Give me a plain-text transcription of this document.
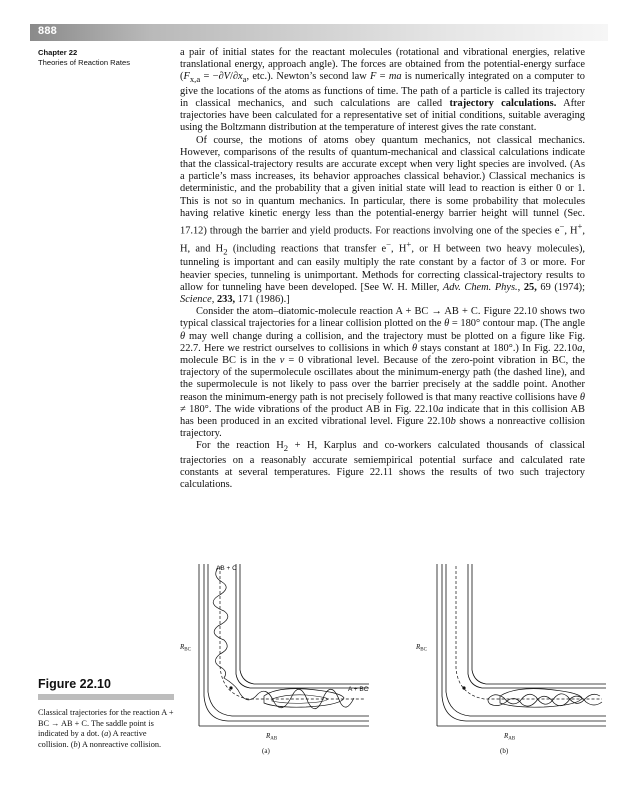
888
Chapter 22
Theories of Reaction Rates

a pair of initial states for the reactant molecules (rotational and vibrational energies, relative translational energy, approach angle). The forces are obtained from the potential-energy surface ($F_{x,a} = -\partial V/\partial x_a$, etc.). Newton’s second law F = ma is numerically integrated on a computer to give the locations of the atoms as functions of time. The path of a particle is called its trajectory in classical mechanics, and such calculations are called trajectory calculations. After trajectories have been calculated for a representative set of initial conditions, suitable averaging using the Boltzmann distribution at the temperature of interest gives the rate constant.

Of course, the motions of atoms obey quantum mechanics, not classical mechanics. However, comparisons of the results of quantum-mechanical and classical calculations indicate that the classical-trajectory results are accurate except when very light species are involved. (As a particle’s mass increases, its behavior approaches classical behavior.) Classical mechanics is deterministic, and the probability that a given initial state will lead to reaction is either 0 or 1. This is not so in quantum mechanics. In particular, there is some probability that molecules having relative kinetic energy less than the potential-energy barrier height will tunnel (Sec. 17.12) through the barrier and yield products. For reactions involving one of the species e−, H+, H, and $H_2$ (including reactions that transfer e−, H+, or H between two heavy molecules), tunneling is important and can easily multiply the rate constant by a factor of 3 or more. For heavier species, tunneling is unimportant. Methods for correcting classical-trajectory results to allow for tunneling have been developed. [See W. H. Miller, Adv. Chem. Phys., 25, 69 (1974); Science, 233, 171 (1986).]

Consider the atom–diatomic-molecule reaction A + BC → AB + C. Figure 22.10 shows two typical classical trajectories for a linear collision plotted on the θ = 180° contour map. (The angle θ may well change during a collision, and the trajectory must be plotted on a figure like Fig. 22.7. Here we restrict ourselves to collisions in which θ stays constant at 180°.) In Fig. 22.10a, molecule BC is in the v = 0 vibrational level. Because of the zero-point vibration in BC, the trajectory of the supermolecule oscillates about the minimum-energy path (the dashed line), and the supermolecule is not likely to pass over the barrier precisely at the saddle point. Another reason the minimum-energy path is not precisely followed is that many reactive collisions have θ ≠ 180°. The wide vibrations of the product AB in Fig. 22.10a indicate that in this collision AB has been produced in an excited vibrational level. Figure 22.10b shows a nonreactive collision trajectory.

For the reaction $H_2 + H$, Karplus and co-workers calculated thousands of classical trajectories on a reasonably accurate semiempirical potential surface and calculated rate constants at several temperatures. Figure 22.11 shows the results of two such trajectory calculations.

AB + C
A + BC
$R_{BC}$
$R_{AB}$
(a)
$R_{BC}$
$R_{AB}$
(b)
Figure 22.10
Classical trajectories for the reaction A + BC → AB + C. The saddle point is indicated by a dot. (a) A reactive collision. (b) A nonreactive collision.
